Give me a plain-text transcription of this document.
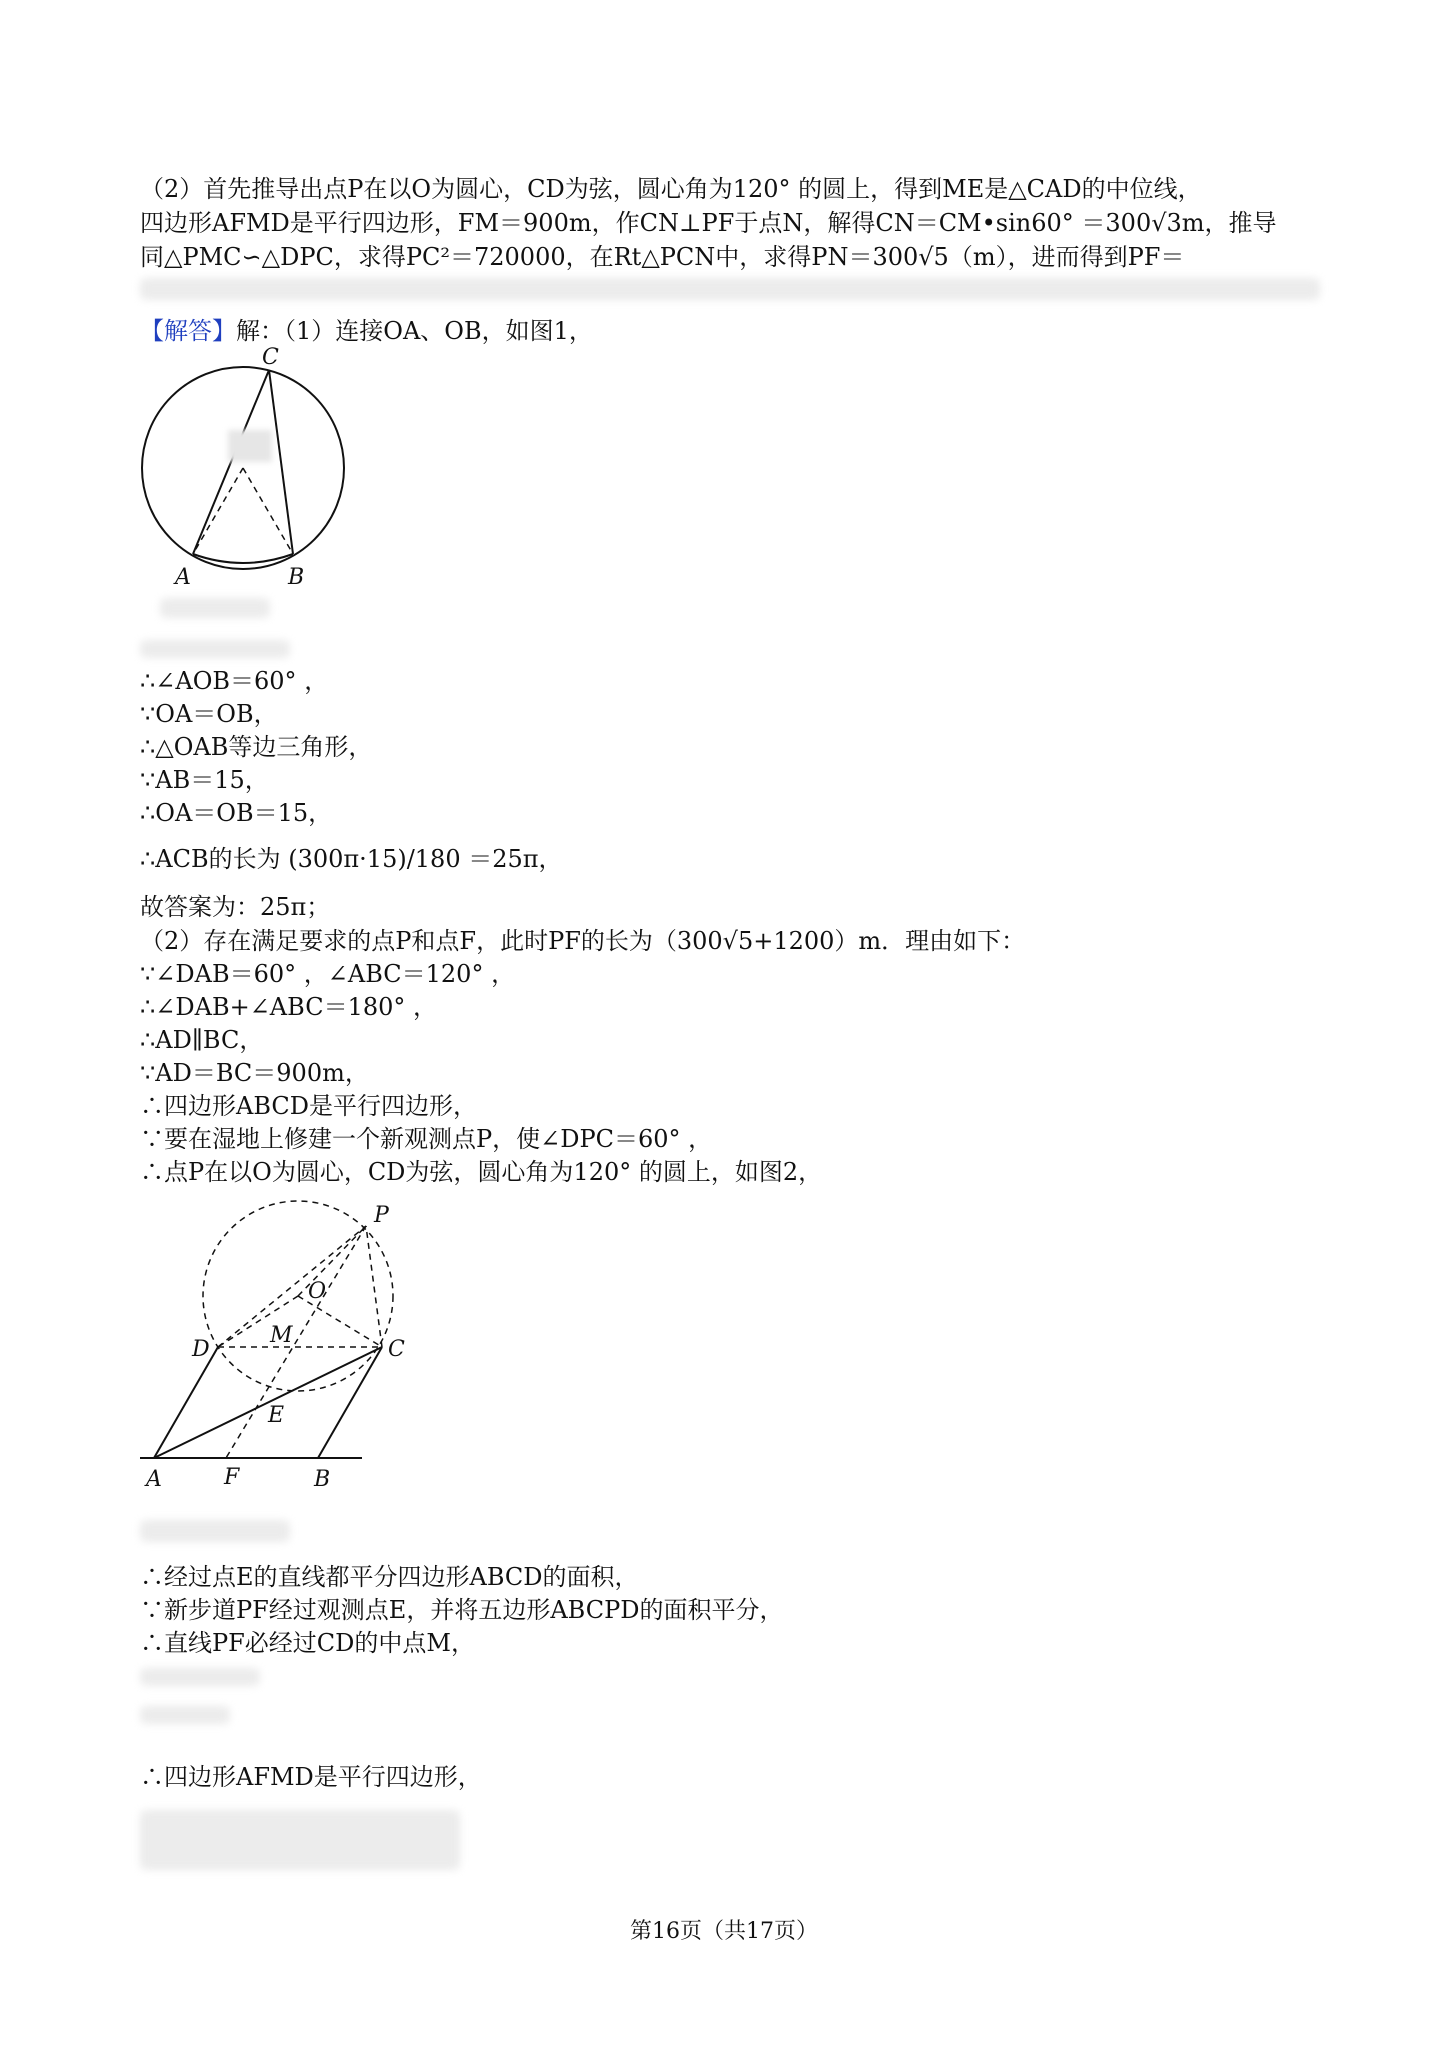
（2）首先推导出点P在以O为圆心，CD为弦，圆心角为120° 的圆上，得到ME是△CAD的中位线，
四边形AFMD是平行四边形，FM＝900m，作CN⊥PF于点N，解得CN＝CM•sin60° ＝300√3m，推导
同△PMC∽△DPC，求得PC²＝720000，在Rt△PCN中，求得PN＝300√5（m），进而得到PF＝
【解答】解：（1）连接OA、OB，如图1，
C
A	B
∴∠AOB＝60° ，
∵OA＝OB，
∴△OAB等边三角形，
∵AB＝15，
∴OA＝OB＝15，
∴ACB的长为 (300π·15)/180 ＝25π，
故答案为：25π；
（2）存在满足要求的点P和点F，此时PF的长为（300√5+1200）m．理由如下：
∵∠DAB＝60° ，∠ABC＝120° ，
∴∠DAB+∠ABC＝180° ，
∴AD∥BC，
∵AD＝BC＝900m，
∴四边形ABCD是平行四边形，
∵要在湿地上修建一个新观测点P，使∠DPC＝60° ，
∴点P在以O为圆心，CD为弦，圆心角为120° 的圆上，如图2，
P
O
D
M
C
E
A	F	B
∴经过点E的直线都平分四边形ABCD的面积，
∵新步道PF经过观测点E，并将五边形ABCPD的面积平分，
∴直线PF必经过CD的中点M，
∴四边形AFMD是平行四边形，
第16页（共17页）
